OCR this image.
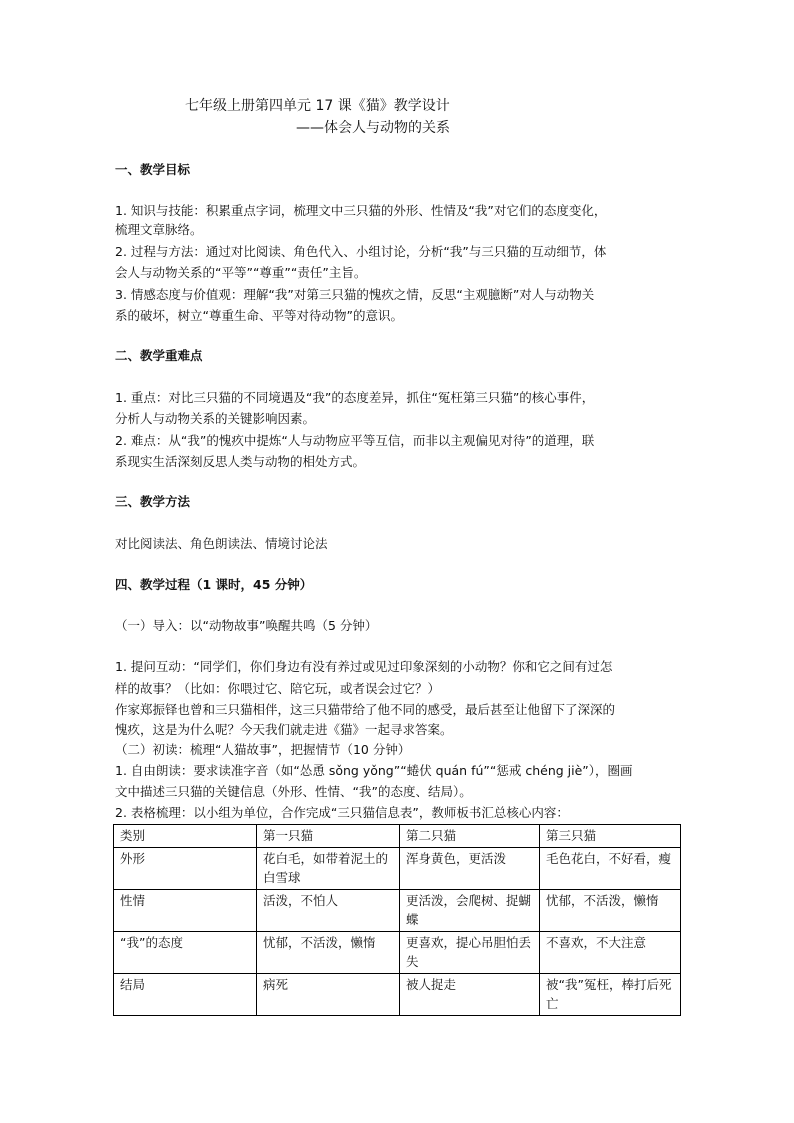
七年级上册第四单元 17 课《猫》教学设计
——体会人与动物的关系
一、教学目标
1. 知识与技能：积累重点字词，梳理文中三只猫的外形、性情及“我”对它们的态度变化，
梳理文章脉络。
2. 过程与方法：通过对比阅读、角色代入、小组讨论，分析“我”与三只猫的互动细节，体
会人与动物关系的“平等”“尊重”“责任”主旨。
3. 情感态度与价值观：理解“我”对第三只猫的愧疚之情，反思“主观臆断”对人与动物关
系的破坏，树立“尊重生命、平等对待动物”的意识。
二、教学重难点
1. 重点：对比三只猫的不同境遇及“我”的态度差异，抓住“冤枉第三只猫”的核心事件，
分析人与动物关系的关键影响因素。
2. 难点：从“我”的愧疚中提炼“人与动物应平等互信，而非以主观偏见对待”的道理，联
系现实生活深刻反思人类与动物的相处方式。
三、教学方法
对比阅读法、角色朗读法、情境讨论法
四、教学过程（1 课时，45 分钟）
（一）导入：以“动物故事”唤醒共鸣（5 分钟）
1. 提问互动：“同学们，你们身边有没有养过或见过印象深刻的小动物？你和它之间有过怎
样的故事？（比如：你喂过它、陪它玩，或者误会过它？）
作家郑振铎也曾和三只猫相伴，这三只猫带给了他不同的感受，最后甚至让他留下了深深的
愧疚，这是为什么呢？今天我们就走进《猫》一起寻求答案。
（二）初读：梳理“人猫故事”，把握情节（10 分钟）
1. 自由朗读：要求读准字音（如“怂恿 sǒng yǒng”“蜷伏 quán fú”“惩戒 chéng jiè”），圈画
文中描述三只猫的关键信息（外形、性情、“我”的态度、结局）。
2. 表格梳理：以小组为单位，合作完成“三只猫信息表”，教师板书汇总核心内容：
类别	第一只猫	第二只猫	第三只猫
外形	花白毛，如带着泥土的白雪球	浑身黄色，更活泼	毛色花白，不好看，瘦
性情	活泼，不怕人	更活泼，会爬树、捉蝴蝶	忧郁，不活泼，懒惰
“我”的态度	忧郁，不活泼，懒惰	更喜欢，提心吊胆怕丢失	不喜欢，不大注意
结局	病死	被人捉走	被“我”冤枉，棒打后死亡
